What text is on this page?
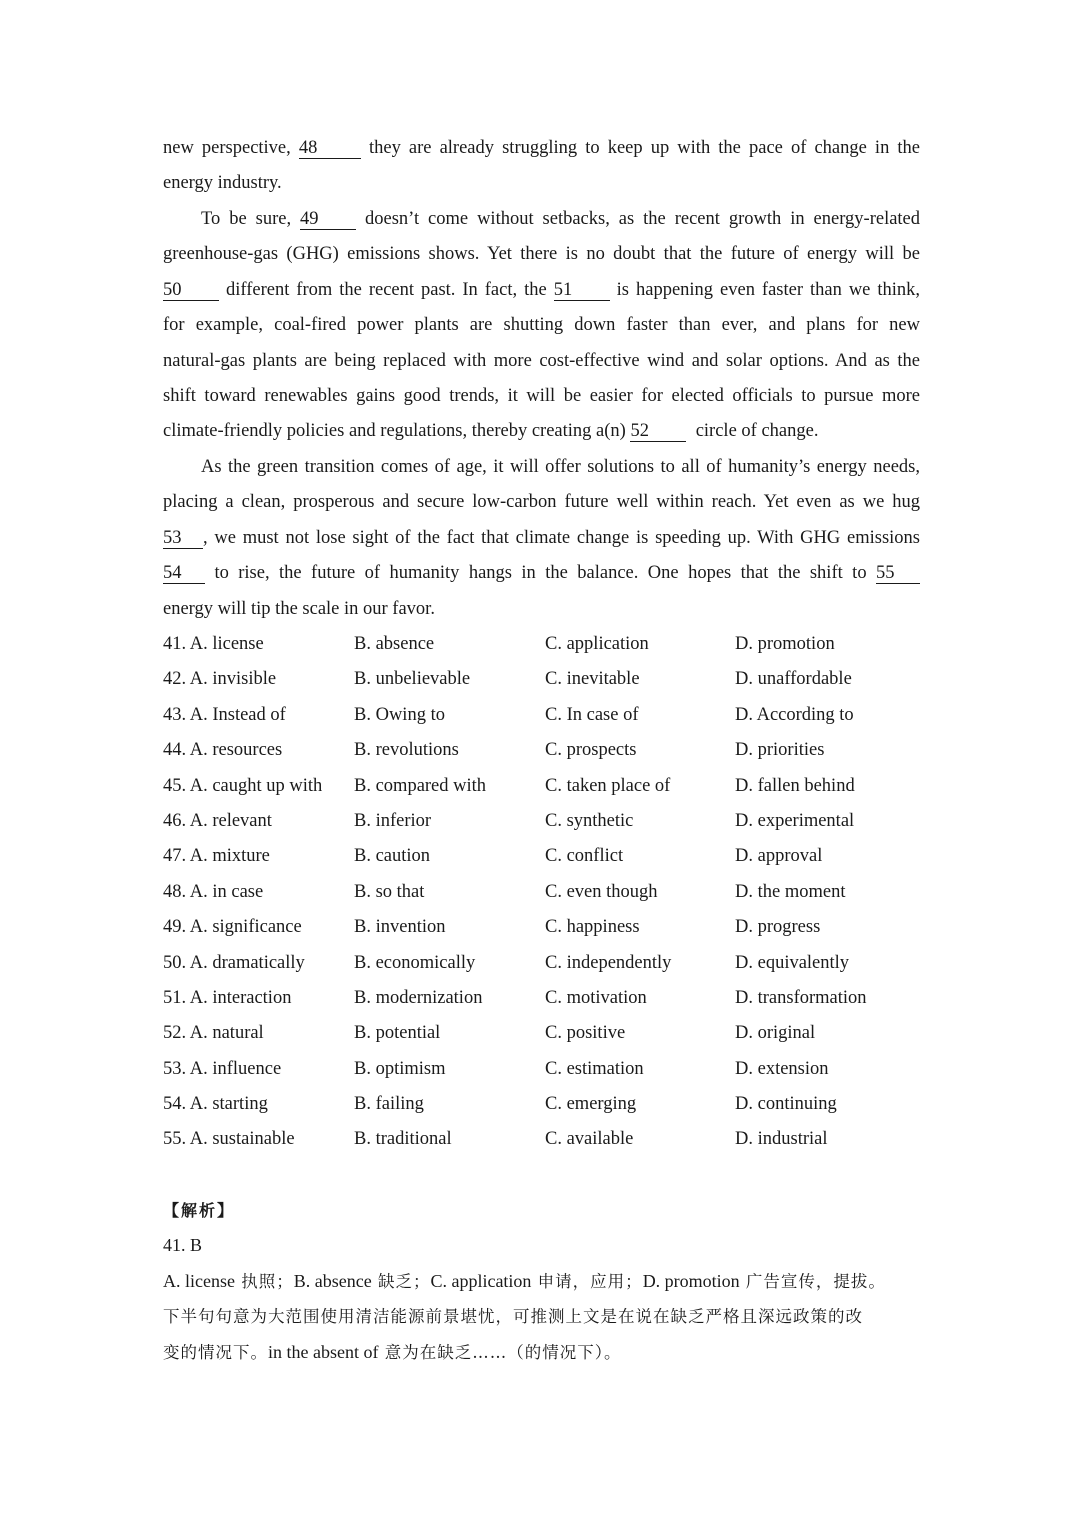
new perspective, 48	they are already struggling to keep up with the pace of change in the
energy industry.
To be sure, 49	doesn’t come without setbacks, as the recent growth in energy-related
greenhouse-gas (GHG) emissions shows. Yet there is no doubt that the future of energy will be
50 different from the recent past. In fact, the 51 is happening even faster than we think,
for example, coal-fired power plants are shutting down faster than ever, and plans for new
natural-gas plants are being replaced with more cost-effective wind and solar options. And as the
shift toward renewables gains good trends, it will be easier for elected officials to pursue more
climate-friendly policies and regulations, thereby creating a(n) 52	circle of change.
As the green transition comes of age, it will offer solutions to all of humanity’s energy needs,
placing a clean, prosperous and secure low-carbon future well within reach. Yet even as we hug
53 , we must not lose sight of the fact that climate change is speeding up. With GHG emissions
54 to rise, the future of humanity hangs in the balance. One hopes that the shift to 55
energy will tip the scale in our favor.
41. A. license	B. absence	C. application	D. promotion
42. A. invisible	B. unbelievable	C. inevitable	D. unaffordable
43. A. Instead of	B. Owing to	C. In case of	D. According to
44. A. resources	B. revolutions	C. prospects	D. priorities
45. A. caught up with B. compared with	C. taken place of	D. fallen behind
46. A. relevant	B. inferior	C. synthetic	D. experimental
47. A. mixture	B. caution	C. conflict	D. approval
48. A. in case	B. so that	C. even though	D. the moment
49. A. significance	B. invention	C. happiness	D. progress
50. A. dramatically	B. economically	C. independently	D. equivalently
51. A. interaction	B. modernization	C. motivation	D. transformation
52. A. natural	B. potential	C. positive	D. original
53. A. influence	B. optimism	C. estimation	D. extension
54. A. starting	B. failing	C. emerging	D. continuing
55. A. sustainable	B. traditional	C. available	D. industrial
【解析】
41. B
A. license 执照；B. absence 缺乏；C. application 申请，应用；D. promotion 广告宣传，提拔。
下半句句意为大范围使用清洁能源前景堪忧，可推测上文是在说在缺乏严格且深远政策的改
变的情况下。in the absent of 意为在缺乏……（的情况下）。
